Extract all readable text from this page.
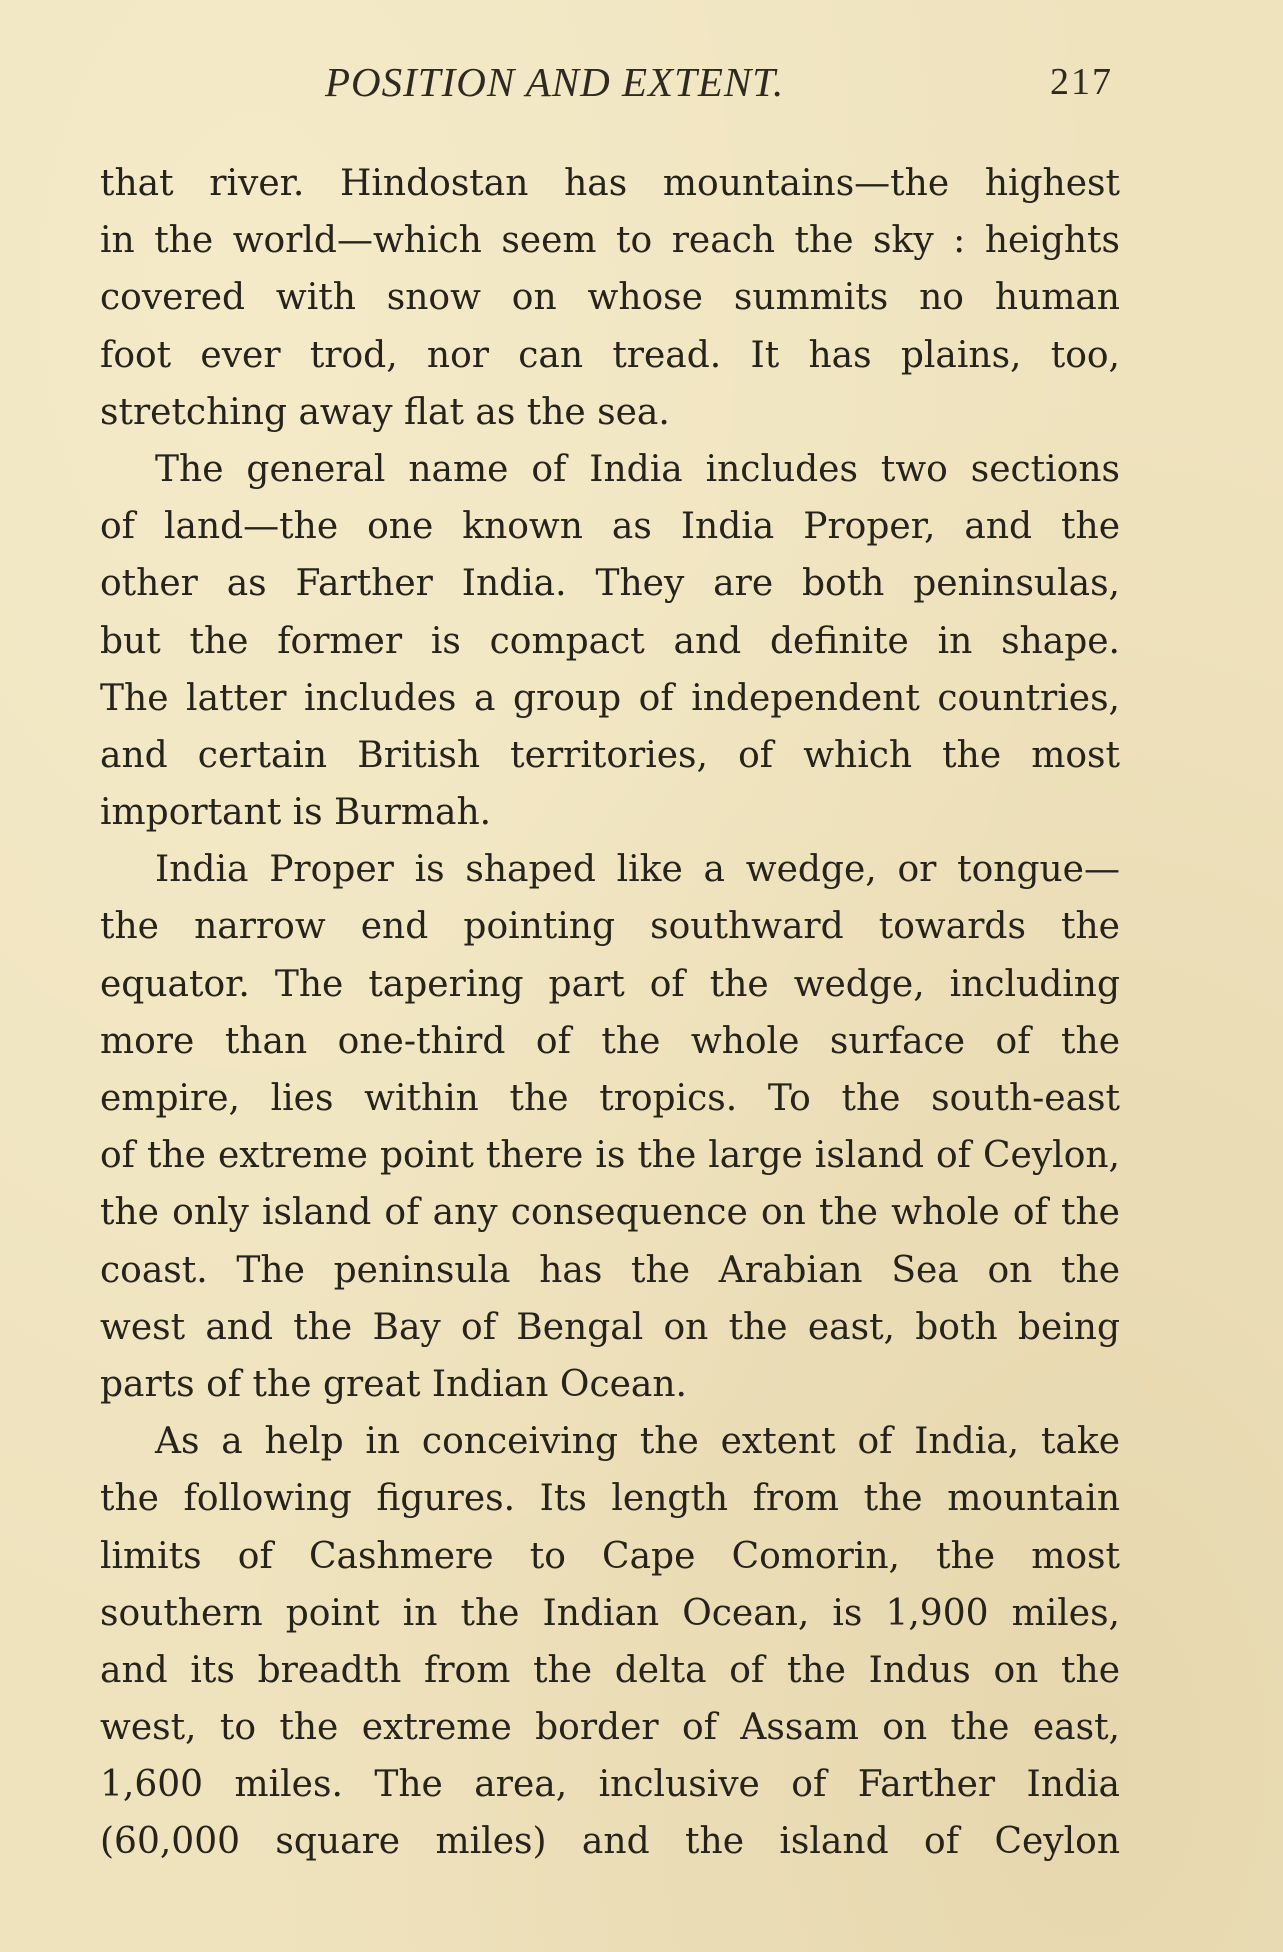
POSITION AND EXTENT.	217
that river. Hindostan has mountains—the highest
in the world—which seem to reach the sky : heights
covered with snow on whose summits no human
foot ever trod, nor can tread. It has plains, too,
stretching away flat as the sea.
The general name of India includes two sections
of land—the one known as India Proper, and the
other as Farther India. They are both peninsulas,
but the former is compact and definite in shape.
The latter includes a group of independent countries,
and certain British territories, of which the most
important is Burmah.
India Proper is shaped like a wedge, or tongue—
the narrow end pointing southward towards the
equator. The tapering part of the wedge, including
more than one-third of the whole surface of the
empire, lies within the tropics. To the south-east
of the extreme point there is the large island of Ceylon,
the only island of any consequence on the whole of the
coast. The peninsula has the Arabian Sea on the
west and the Bay of Bengal on the east, both being
parts of the great Indian Ocean.
As a help in conceiving the extent of India, take
the following figures. Its length from the mountain
limits of Cashmere to Cape Comorin, the most
southern point in the Indian Ocean, is 1,900 miles,
and its breadth from the delta of the Indus on the
west, to the extreme border of Assam on the east,
1,600 miles. The area, inclusive of Farther India
(60,000 square miles) and the island of Ceylon
